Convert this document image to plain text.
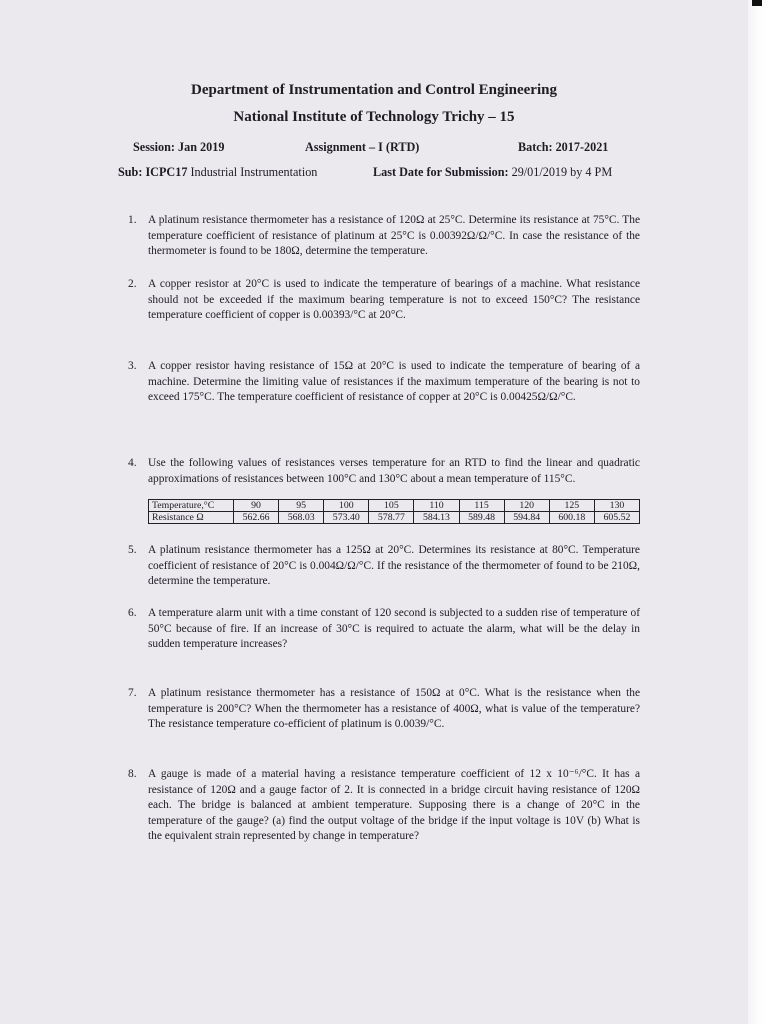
Department of Instrumentation and Control Engineering
National Institute of Technology Trichy – 15
Session: Jan 2019	Assignment – I (RTD)	Batch: 2017-2021
Sub: ICPC17 Industrial Instrumentation	Last Date for Submission: 29/01/2019 by 4 PM
1. A platinum resistance thermometer has a resistance of 120Ω at 25°C. Determine its resistance at 75°C. The temperature coefficient of resistance of platinum at 25°C is 0.00392Ω/Ω/°C. In case the resistance of the thermometer is found to be 180Ω, determine the temperature.
2. A copper resistor at 20°C is used to indicate the temperature of bearings of a machine. What resistance should not be exceeded if the maximum bearing temperature is not to exceed 150°C? The resistance temperature coefficient of copper is 0.00393/°C at 20°C.
3. A copper resistor having resistance of 15Ω at 20°C is used to indicate the temperature of bearing of a machine. Determine the limiting value of resistances if the maximum temperature of the bearing is not to exceed 175°C. The temperature coefficient of resistance of copper at 20°C is 0.00425Ω/Ω/°C.
4. Use the following values of resistances verses temperature for an RTD to find the linear and quadratic approximations of resistances between 100°C and 130°C about a mean temperature of 115°C.
Temperature,°C	90	95	100	105	110	115	120	125	130
Resistance Ω	562.66	568.03	573.40	578.77	584.13	589.48	594.84	600.18	605.52
5. A platinum resistance thermometer has a 125Ω at 20°C. Determines its resistance at 80°C. Temperature coefficient of resistance of 20°C is 0.004Ω/Ω/°C. If the resistance of the thermometer of found to be 210Ω, determine the temperature.
6. A temperature alarm unit with a time constant of 120 second is subjected to a sudden rise of temperature of 50°C because of fire. If an increase of 30°C is required to actuate the alarm, what will be the delay in sudden temperature increases?
7. A platinum resistance thermometer has a resistance of 150Ω at 0°C. What is the resistance when the temperature is 200°C? When the thermometer has a resistance of 400Ω, what is value of the temperature? The resistance temperature co-efficient of platinum is 0.0039/°C.
8. A gauge is made of a material having a resistance temperature coefficient of 12 x 10⁻⁶/°C. It has a resistance of 120Ω and a gauge factor of 2. It is connected in a bridge circuit having resistance of 120Ω each. The bridge is balanced at ambient temperature. Supposing there is a change of 20°C in the temperature of the gauge? (a) find the output voltage of the bridge if the input voltage is 10V (b) What is the equivalent strain represented by change in temperature?
